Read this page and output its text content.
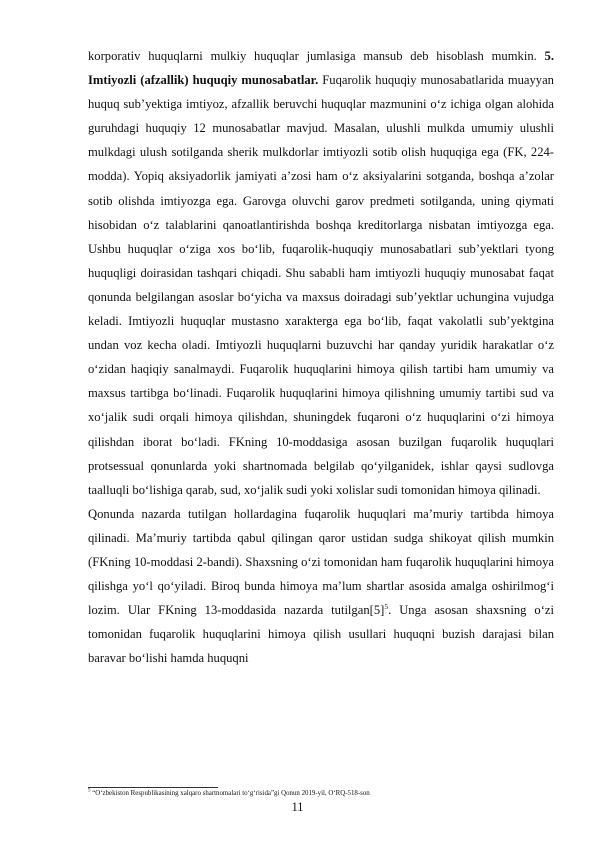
korporativ huquqlarni mulkiy huquqlar jumlasiga mansub deb hisoblash mumkin. 5. Imtiyozli (afzallik) huquqiy munosabatlar. Fuqarolik huquqiy munosabatlarida muayyan huquq sub’yektiga imtiyoz, afzallik beruvchi huquqlar mazmunini o‘z ichiga olgan alohida guruhdagi huquqiy 12 munosabatlar mavjud. Masalan, ulushli mulkda umumiy ulushli mulkdagi ulush sotilganda sherik mulkdorlar imtiyozli sotib olish huquqiga ega (FK, 224-modda). Yopiq aksiyadorlik jamiyati a’zosi ham o‘z aksiyalarini sotganda, boshqa a’zolar sotib olishda imtiyozga ega. Garovga oluvchi garov predmeti sotilganda, uning qiymati hisobidan o‘z talablarini qanoatlantirishda boshqa kreditorlarga nisbatan imtiyozga ega. Ushbu huquqlar o‘ziga xos bo‘lib, fuqarolik-huquqiy munosabatlari sub’yektlari tyong huquqligi doirasidan tashqari chiqadi. Shu sababli ham imtiyozli huquqiy munosabat faqat qonunda belgilangan asoslar bo‘yicha va maxsus doiradagi sub’yektlar uchungina vujudga keladi. Imtiyozli huquqlar mustasno xarakterga ega bo‘lib, faqat vakolatli sub’yektgina undan voz kecha oladi. Imtiyozli huquqlarni buzuvchi har qanday yuridik harakatlar o‘z o‘zidan haqiqiy sanalmaydi. Fuqarolik huquqlarini himoya qilish tartibi ham umumiy va maxsus tartibga bo‘linadi. Fuqarolik huquqlarini himoya qilishning umumiy tartibi sud va xo‘jalik sudi orqali himoya qilishdan, shuningdek fuqaroni o‘z huquqlarini o‘zi himoya qilishdan iborat bo‘ladi. FKning 10-moddasiga asosan buzilgan fuqarolik huquqlari protsessual qonunlarda yoki shartnomada belgilab qo‘yilganidek, ishlar qaysi sudlovga taalluqli bo‘lishiga qarab, sud, xo‘jalik sudi yoki xolislar sudi tomonidan himoya qilinadi.

Qonunda nazarda tutilgan hollardagina fuqarolik huquqlari ma’muriy tartibda himoya qilinadi. Ma’muriy tartibda qabul qilingan qaror ustidan sudga shikoyat qilish mumkin (FKning 10-moddasi 2-bandi). Shaxsning o‘zi tomonidan ham fuqarolik huquqlarini himoya qilishga yo‘l qo‘yiladi. Biroq bunda himoya ma’lum shartlar asosida amalga oshirilmog‘i lozim. Ular FKning 13-moddasida nazarda tutilgan[5]$^5$. Unga asosan shaxsning o‘zi tomonidan fuqarolik huquqlarini himoya qilish usullari huquqni buzish darajasi bilan baravar bo‘lishi hamda huquqni

$^5$ “O‘zbekiston Respublikasining xalqaro shartnomalari to‘g‘risida”gi Qonun 2019-yil, O‘RQ-518-son
11
